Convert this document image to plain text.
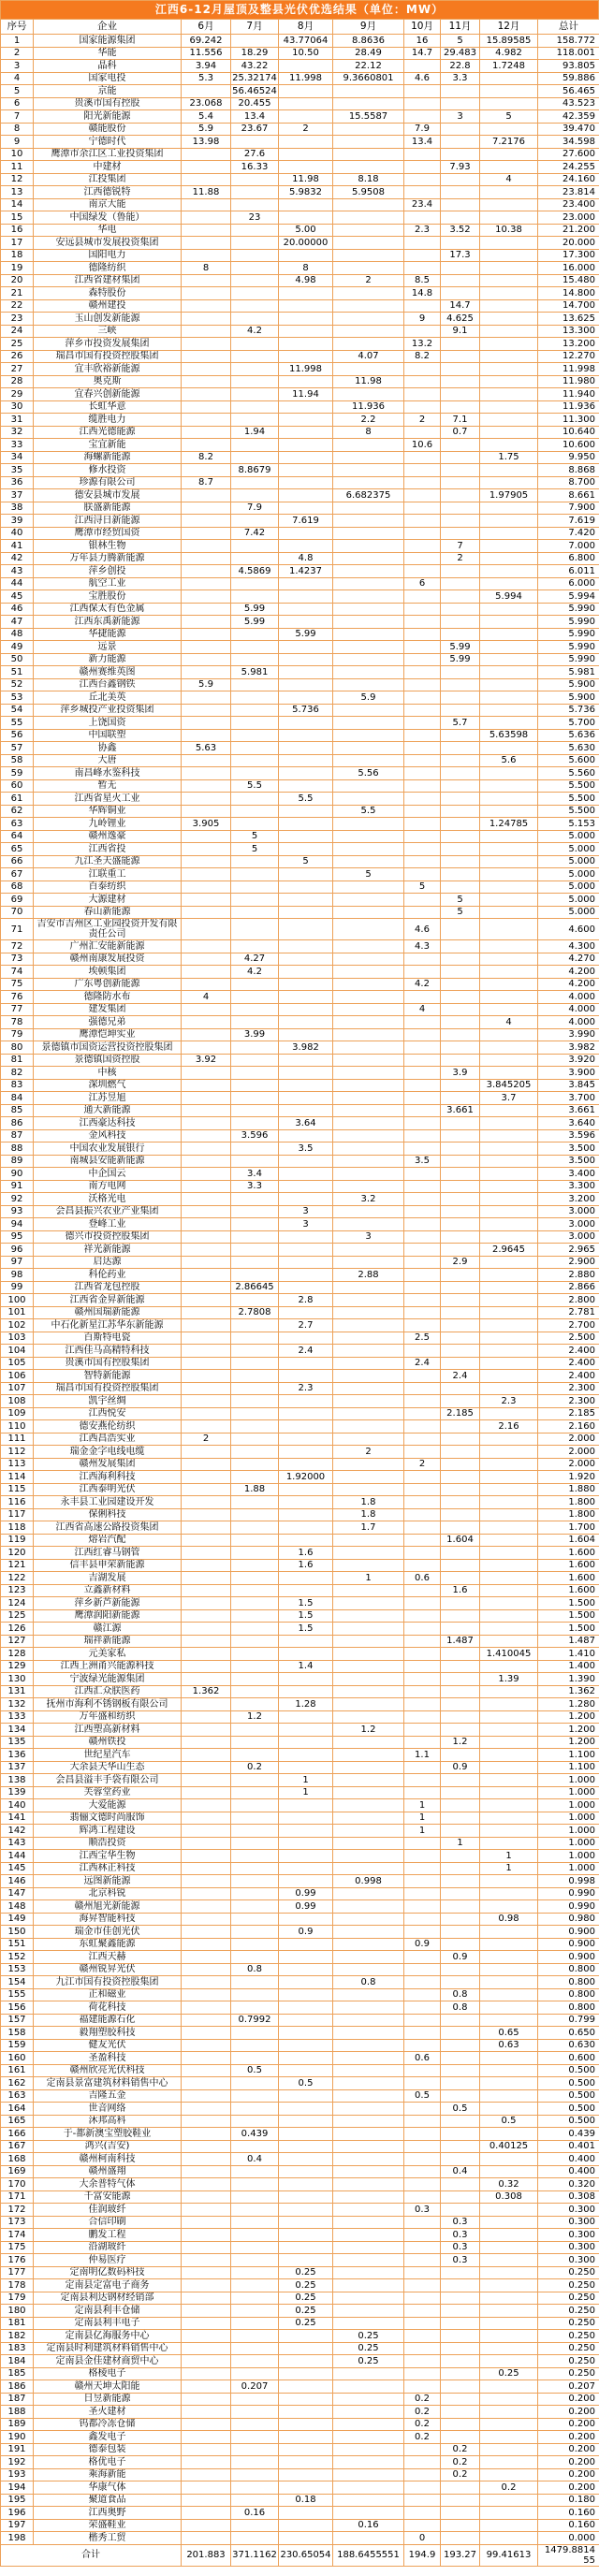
江西6-12月屋顶及整县光伏优选结果（单位：MW）
序号	企业	6月	7月	8月	9月	10月	11月	12月	总计
1	国家能源集团	69.242		43.77064	8.8636	16	5	15.89585	158.772
2	华能	11.556	18.29	10.50	28.49	14.7	29.483	4.982	118.001
3	晶科	3.94	43.22		22.12		22.8	1.7248	93.805
4	国家电投	5.3	25.32174	11.998	9.3660801	4.6	3.3		59.886
5	京能		56.46524						56.465
6	贵溪市国有控股	23.068	20.455						43.523
7	阳光新能源	5.4	13.4		15.5587		3	5	42.359
8	赣能股份	5.9	23.67	2		7.9			39.470
9	宁德时代	13.98				13.4		7.2176	34.598
10	鹰潭市余江区工业投资集团		27.6						27.600
11	中建材		16.33				7.93		24.255
12	江投集团			11.98	8.18			4	24.160
13	江西德锐特	11.88		5.9832	5.9508				23.814
14	南京大能					23.4			23.400
15	中国绿发（鲁能）		23						23.000
16	华电			5.00		2.3	3.52	10.38	21.200
17	安远县城市发展投资集团			20.00000					20.000
18	国阳电力						17.3		17.300
19	德隆纺织	8		8					16.000
20	江西省建材集团			4.98	2	8.5			15.480
21	森特股份					14.8			14.800
22	赣州建投						14.7		14.700
23	玉山创发新能源					9	4.625		13.625
24	三峡		4.2				9.1		13.300
25	萍乡市投资发展集团					13.2			13.200
26	瑞昌市国有投资控股集团				4.07	8.2			12.270
27	宜丰欣裕新能源			11.998					11.998
28	奥克斯				11.98				11.980
29	宜春兴创新能源			11.94					11.940
30	长虹华意				11.936				11.936
31	缆胜电力				2.2	2	7.1		11.300
32	江西光德能源		1.94		8		0.7		10.640
33	宝宜新能					10.6			10.600
34	海螺新能源	8.2						1.75	9.950
35	修水投资		8.8679						8.868
36	珍源有限公司	8.7							8.700
37	德安县城市发展				6.682375			1.97905	8.661
38	朕盛新能源		7.9						7.900
39	江西浔日新能源			7.619					7.619
40	鹰潭市经贸国资		7.42						7.420
41	银林生物						7		7.000
42	万年县力腾新能源			4.8			2		6.800
43	萍乡创投		4.5869	1.4237					6.011
44	航空工业					6			6.000
45	宝胜股份							5.994	5.994
46	江西保太有色金属		5.99						5.990
47	江西东禹新能源		5.99						5.990
48	华捷能源			5.99					5.990
49	远景						5.99		5.990
50	新力能源						5.99		5.990
51	赣州赛维英图		5.981						5.981
52	江西台鑫钢铁	5.9							5.900
53	丘北美英				5.9				5.900
54	萍乡城投产业投资集团			5.736					5.736
55	上饶国资						5.7		5.700
56	中国联塑							5.63598	5.636
57	协鑫	5.63							5.630
58	大唐							5.6	5.600
59	南昌峰水鉴科技				5.56				5.560
60	暂无		5.5						5.500
61	江西省星火工业			5.5					5.500
62	华辉铜业				5.5				5.500
63	九岭锂业	3.905						1.24785	5.153
64	赣州逸豪		5						5.000
65	江西省投		5						5.000
66	九江圣天盛能源			5					5.000
67	江联重工				5				5.000
68	百泰纺织					5			5.000
69	大源建材						5		5.000
70	春山新能源						5		5.000
71	吉安市吉州区工业园投资开发有限责任公司					4.6			4.600
72	广州汇安能新能源					4.3			4.300
73	赣州南康发展投资		4.27						4.270
74	埃顿集团		4.2						4.200
75	广东粤创新能源					4.2			4.200
76	德隆防水布	4							4.000
77	建发集团					4			4.000
78	强德兄弟							4	4.000
79	鹰潭恺坤实业		3.99						3.990
80	景德镇市国资运营投资控股集团			3.982					3.982
81	景德镇国资控股	3.92							3.920
82	中核						3.9		3.900
83	深圳燃气							3.845205	3.845
84	江苏昱旭							3.7	3.700
85	通大新能源						3.661		3.661
86	江西豪达科技			3.64					3.640
87	金风科技		3.596						3.596
88	中国农业发展银行			3.5					3.500
89	南城县安能新能源					3.5			3.500
90	中企国云		3.4						3.400
91	南方电网		3.3						3.300
92	沃格光电				3.2				3.200
93	会昌县振兴农业产业集团			3					3.000
94	登峰工业			3					3.000
95	德兴市投资控股集团				3				3.000
96	祥光新能源							2.9645	2.965
97	启达源						2.9		2.900
98	科伦药业				2.88				2.880
99	江西省龙包控股		2.86645						2.866
100	江西省金昇新能源			2.8					2.800
101	赣州国瑞新能源		2.7808						2.781
102	中石化新星江苏华东新能源			2.7					2.700
103	百斯特电瓷					2.5			2.500
104	江西佳马高精特科技			2.4					2.400
105	贵溪市国有控股集团					2.4			2.400
106	智特新能源						2.4		2.400
107	瑞昌市国有投资控股集团			2.3					2.300
108	凯宇丝绸							2.3	2.300
109	江西悦安						2.185		2.185
110	德安燕伦纺织							2.16	2.160
111	江西昌浩实业	2							2.000
112	瑞金金字电线电缆				2				2.000
113	赣州发展集团					2			2.000
114	江西海利科技			1.92000					1.920
115	江西泰明光伏		1.88						1.880
116	永丰县工业园建设开发				1.8				1.800
117	保俐科技				1.8				1.800
118	江西省高速公路投资集团				1.7				1.700
119	熔岩汽配						1.604		1.604
120	江西红睿马钢管			1.6					1.600
121	信丰县申荣新能源			1.6					1.600
122	吉湖发展				1	0.6			1.600
123	立鑫新材料						1.6		1.600
124	萍乡新芦新能源			1.5					1.500
125	鹰潭润阳新能源			1.5					1.500
126	赣江源			1.5					1.500
127	瑞祥新能源						1.487		1.487
128	元美家私							1.410045	1.410
129	江西上洲甬兴能源科技			1.4					1.400
130	宁波绿光能源集团							1.39	1.390
131	江西汇众朕医药	1.362							1.362
132	抚州市海利不锈钢板有限公司			1.28					1.280
133	万年盛和纺织		1.2						1.200
134	江西塑高新材料				1.2				1.200
135	赣州铁投						1.2		1.200
136	世纪星汽车					1.1			1.100
137	大余县天华山生态		0.2				0.9		1.100
138	会昌县溢丰手袋有限公司			1					1.000
139	芙蓉堂药业			1					1.000
140	大爱能源					1			1.000
141	翡俪文德时尚服饰					1			1.000
142	辉鸿工程建设					1			1.000
143	顺浩投资						1		1.000
144	江西宝华生物							1	1.000
145	江西林正科技							1	1.000
146	远图新能源				0.998				0.998
147	北京科锐			0.99					0.990
148	赣州旭光新能源			0.99					0.990
149	海昇智能科技							0.98	0.980
150	瑞金市佳创光伏			0.9					0.900
151	东虹聚鑫能源					0.9			0.900
152	江西天赫						0.9		0.900
153	赣州锐昇光伏		0.8						0.800
154	九江市国有投资控股集团				0.8				0.800
155	正和磁业						0.8		0.800
156	荷花科技						0.8		0.800
157	福建能源石化		0.7992						0.799
158	毅翔塑胶科技							0.65	0.650
159	健友光伏							0.63	0.630
160	圣盈科技					0.6			0.600
161	赣州欣亮光伏科技		0.5						0.500
162	定南县景富建筑材料销售中心			0.5					0.500
163	吉隆五金					0.5			0.500
164	世音网络						0.5		0.500
165	沐邦高科							0.5	0.500
166	于-都新澳宝塑胶鞋业		0.439						0.439
167	鸿兴(吉安)							0.40125	0.401
168	赣州柯南科技		0.4						0.400
169	赣州盛翔						0.4		0.400
170	大余普特气体							0.32	0.320
171	千富安能源							0.308	0.308
172	佳润玻纤					0.3			0.300
173	合信印刷						0.3		0.300
174	鹏发工程						0.3		0.300
175	沿湖玻纤						0.3		0.300
176	仲易医疗						0.3		0.300
177	定南明亿数码科技			0.25					0.250
178	定南县定富电子商务			0.25					0.250
179	定南县利达钢材经销部			0.25					0.250
180	定南县利丰仓储			0.25					0.250
181	定南县利丰电子			0.25					0.250
182	定南县亿海服务中心				0.25				0.250
183	定南县时利建筑材料销售中心				0.25				0.250
184	定南县金佳建材商贸中心				0.25				0.250
185	格棱电子							0.25	0.250
186	赣州天坤太阳能		0.207						0.207
187	日昱新能源					0.2			0.200
188	圣火建材					0.2			0.200
189	钨都冷冻仓储					0.2			0.200
190	鑫发电子					0.2			0.200
191	德泰包装						0.2		0.200
192	格优电子						0.2		0.200
193	乘海新能						0.2		0.200
194	华康气体							0.2	0.200
195	聚道食品			0.18					0.180
196	江西奥野		0.16						0.160
197	荣盛鞋业				0.16				0.160
198	楷秀工贸					0			0.000
合计		201.883	371.1162	230.65054	188.6455551	194.9	193.27	99.41613	1479.881455
